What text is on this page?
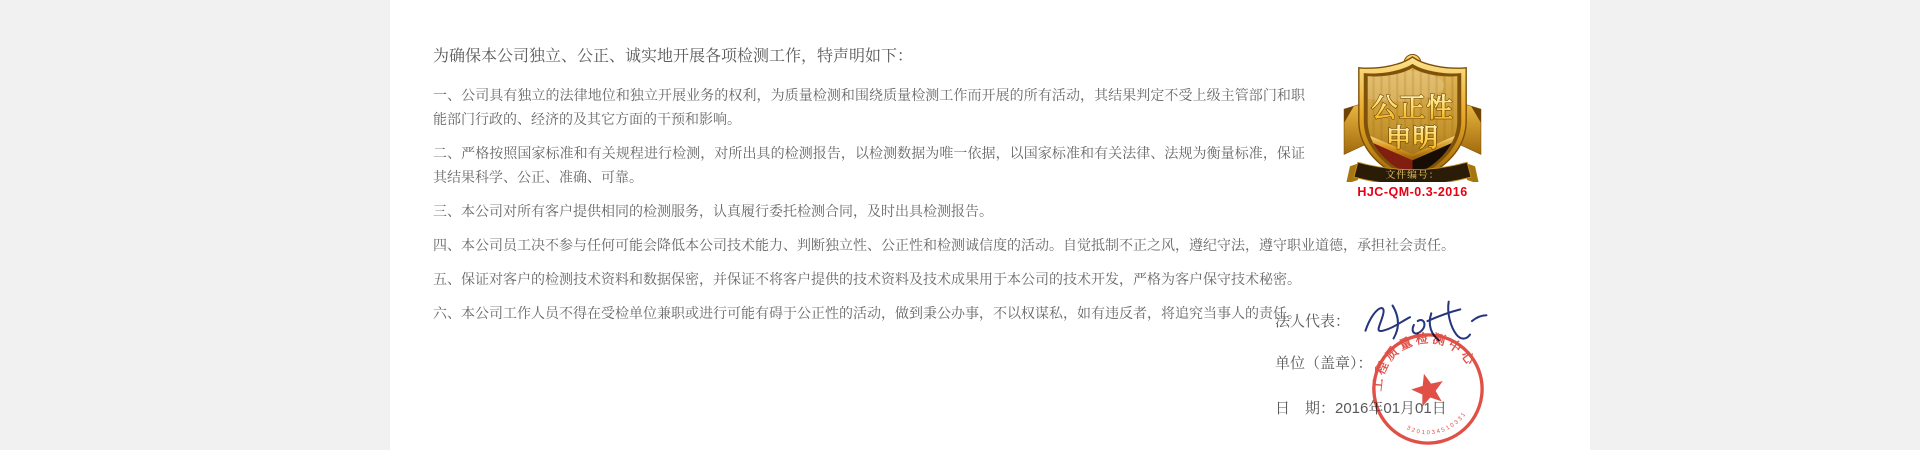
公正性
申明
文件编号：
HJC-QM-0.3-2016
为确保本公司独立、公正、诚实地开展各项检测工作，特声明如下：

一、公司具有独立的法律地位和独立开展业务的权利，为质量检测和围绕质量检测工作而开展的所有活动，其结果判定不受上级主管部门和职能部门行政的、经济的及其它方面的干预和影响。

二、严格按照国家标准和有关规程进行检测，对所出具的检测报告，以检测数据为唯一依据，以国家标准和有关法律、法规为衡量标准，保证其结果科学、公正、准确、可靠。

三、本公司对所有客户提供相同的检测服务，认真履行委托检测合同，及时出具检测报告。

四、本公司员工决不参与任何可能会降低本公司技术能力、判断独立性、公正性和检测诚信度的活动。自觉抵制不正之风，遵纪守法，遵守职业道德，承担社会责任。

五、保证对客户的检测技术资料和数据保密，并保证不将客户提供的技术资料及技术成果用于本公司的技术开发，严格为客户保守技术秘密。

六、本公司工作人员不得在受检单位兼职或进行可能有碍于公正性的活动，做到秉公办事，不以权谋私，如有违反者，将追究当事人的责任。

法人代表：
单位（盖章）：
日　期：2016年01月01日
工程质量检测中心
3201034510331
